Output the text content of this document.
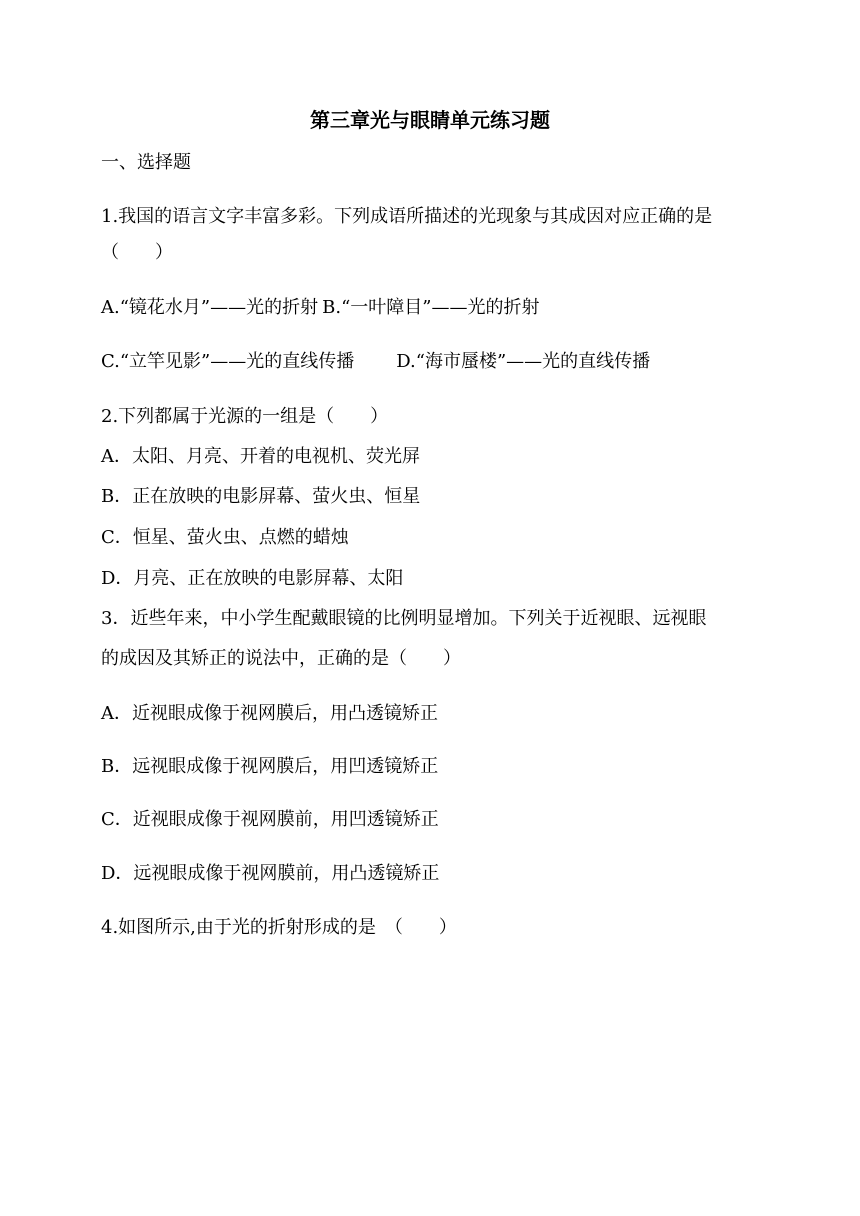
第三章光与眼睛单元练习题
一、选择题
1.我国的语言文字丰富多彩。下列成语所描述的光现象与其成因对应正确的是
（　　）
A.“镜花水月”——光的折射 B.“一叶障目”——光的折射
C.“立竿见影”——光的直线传播 D.“海市蜃楼”——光的直线传播
2.下列都属于光源的一组是（　　）
A．太阳、月亮、开着的电视机、荧光屏
B．正在放映的电影屏幕、萤火虫、恒星
C．恒星、萤火虫、点燃的蜡烛
D．月亮、正在放映的电影屏幕、太阳
3．近些年来，中小学生配戴眼镜的比例明显增加。下列关于近视眼、远视眼
的成因及其矫正的说法中，正确的是（　　）
A．近视眼成像于视网膜后，用凸透镜矫正
B．远视眼成像于视网膜后，用凹透镜矫正
C．近视眼成像于视网膜前，用凹透镜矫正
D．远视眼成像于视网膜前，用凸透镜矫正
4.如图所示,由于光的折射形成的是　（　　）
